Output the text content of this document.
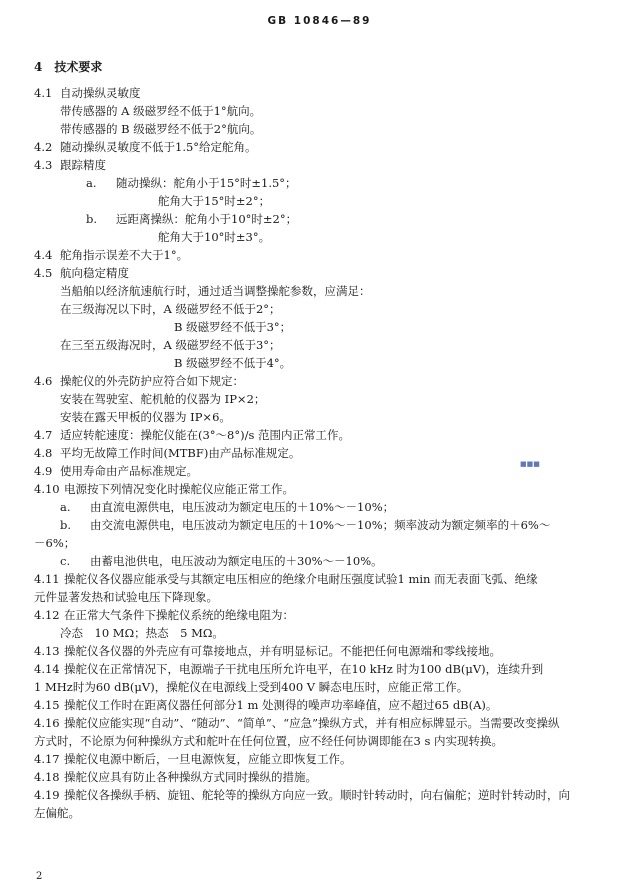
GB 10846—89
4　技术要求
4.1 自动操纵灵敏度
带传感器的 A 级磁罗经不低于1°航向。
带传感器的 B 级磁罗经不低于2°航向。
4.2 随动操纵灵敏度不低于1.5°给定舵角。
4.3 跟踪精度
a. 随动操纵：舵角小于15°时±1.5°；
舵角大于15°时±2°；
b. 远距离操纵：舵角小于10°时±2°；
舵角大于10°时±3°。
4.4 舵角指示误差不大于1°。
4.5 航向稳定精度
当船舶以经济航速航行时，通过适当调整操舵参数，应满足：
在三级海况以下时，A 级磁罗经不低于2°；
B 级磁罗经不低于3°；
在三至五级海况时，A 级磁罗经不低于3°；
B 级磁罗经不低于4°。
4.6 操舵仪的外壳防护应符合如下规定：
安装在驾驶室、舵机舱的仪器为 IP×2；
安装在露天甲板的仪器为 IP×6。
4.7 适应转舵速度：操舵仪能在(3°～8°)/s 范围内正常工作。
4.8 平均无故障工作时间(MTBF)由产品标准规定。
4.9 使用寿命由产品标准规定。
4.10 电源按下列情况变化时操舵仪应能正常工作。
a. 由直流电源供电，电压波动为额定电压的＋10%～－10%；
b. 由交流电源供电，电压波动为额定电压的＋10%～－10%；频率波动为额定频率的＋6%～
－6%；
c. 由蓄电池供电，电压波动为额定电压的＋30%～－10%。
4.11 操舵仪各仪器应能承受与其额定电压相应的绝缘介电耐压强度试验1 min 而无表面飞弧、绝缘
元件显著发热和试验电压下降现象。
4.12 在正常大气条件下操舵仪系统的绝缘电阻为：
冷态　10 MΩ；热态　5 MΩ。
4.13 操舵仪各仪器的外壳应有可靠接地点，并有明显标记。不能把任何电源端和零线接地。
4.14 操舵仪在正常情况下，电源端子干扰电压所允许电平，在10 kHz 时为100 dB(μV)，连续升到
1 MHz时为60 dB(μV)，操舵仪在电源线上受到400 V 瞬态电压时，应能正常工作。
4.15 操舵仪工作时在距离仪器任何部分1 m 处测得的噪声功率峰值，应不超过65 dB(A)。
4.16 操舵仪应能实现“自动”、“随动”、“简单”、“应急”操纵方式，并有相应标牌显示。当需要改变操纵
方式时，不论原为何种操纵方式和舵叶在任何位置，应不经任何协调即能在3 s 内实现转换。
4.17 操舵仪电源中断后，一旦电源恢复，应能立即恢复工作。
4.18 操舵仪应具有防止各种操纵方式同时操纵的措施。
4.19 操舵仪各操纵手柄、旋钮、舵轮等的操纵方向应一致。顺时针转动时，向右偏舵；逆时针转动时，向
左偏舵。
■■■
2
